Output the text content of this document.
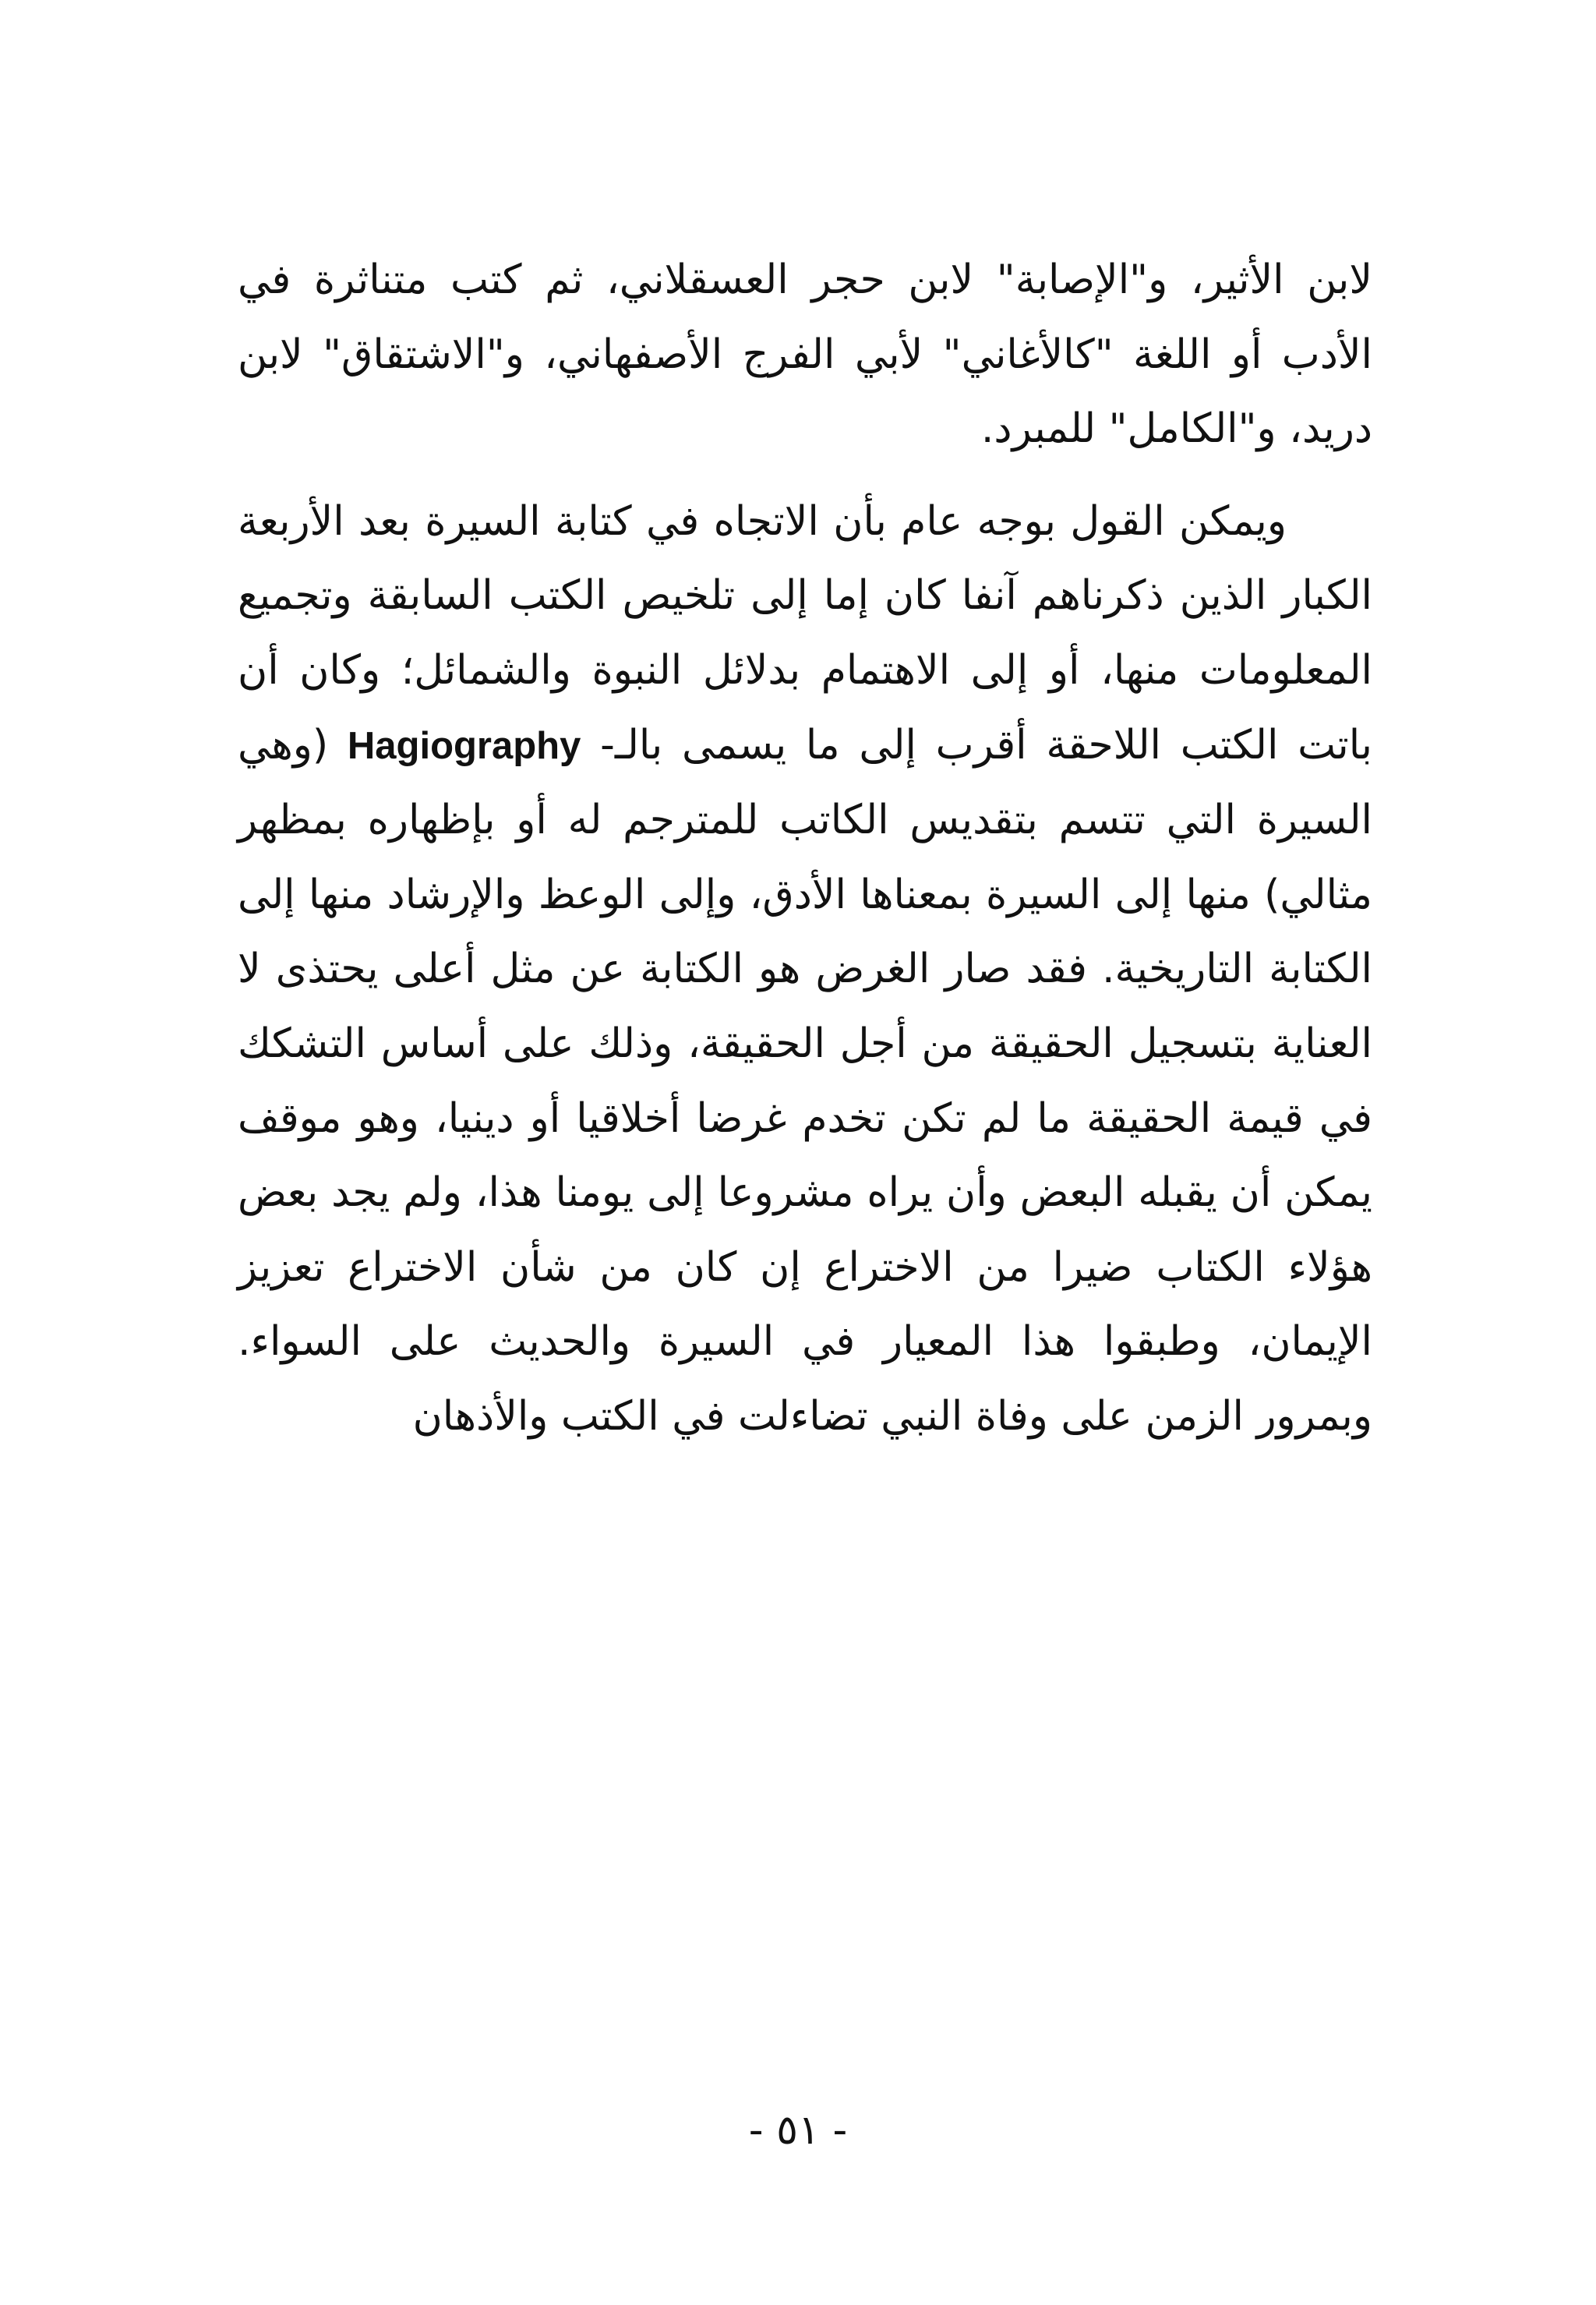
لابن الأثير، و"الإصابة" لابن حجر العسقلاني، ثم كتب متناثرة في الأدب أو اللغة "كالأغاني" لأبي الفرج الأصفهاني، و"الاشتقاق" لابن دريد، و"الكامل" للمبرد.

ويمكن القول بوجه عام بأن الاتجاه في كتابة السيرة بعد الأربعة الكبار الذين ذكرناهم آنفا كان إما إلى تلخيص الكتب السابقة وتجميع المعلومات منها، أو إلى الاهتمام بدلائل النبوة والشمائل؛ وكان أن باتت الكتب اللاحقة أقرب إلى ما يسمى بالـ- Hagiography (وهي السيرة التي تتسم بتقديس الكاتب للمترجم له أو بإظهاره بمظهر مثالي) منها إلى السيرة بمعناها الأدق، وإلى الوعظ والإرشاد منها إلى الكتابة التاريخية. فقد صار الغرض هو الكتابة عن مثل أعلى يحتذى لا العناية بتسجيل الحقيقة من أجل الحقيقة، وذلك على أساس التشكك في قيمة الحقيقة ما لم تكن تخدم غرضا أخلاقيا أو دينيا، وهو موقف يمكن أن يقبله البعض وأن يراه مشروعا إلى يومنا هذا، ولم يجد بعض هؤلاء الكتاب ضيرا من الاختراع إن كان من شأن الاختراع تعزيز الإيمان، وطبقوا هذا المعيار في السيرة والحديث على السواء. وبمرور الزمن على وفاة النبي تضاءلت في الكتب والأذهان

- ٥١ -
